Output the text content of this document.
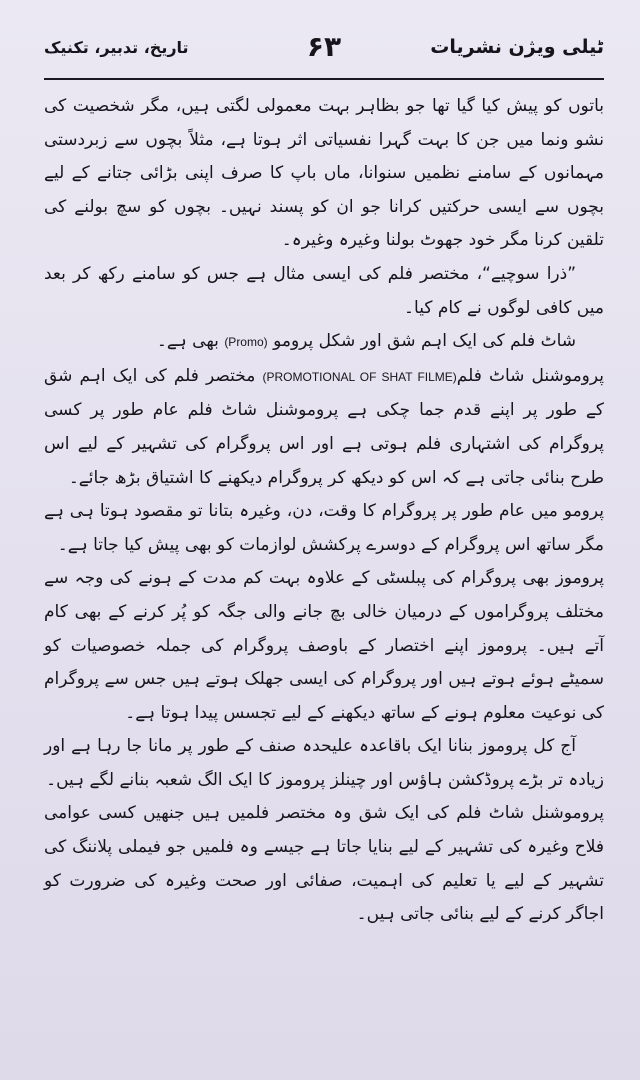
ٹیلی ویژن نشریات
۶۳
تاریخ، تدبیر، تکنیک

باتوں کو پیش کیا گیا تھا جو بظاہر بہت معمولی لگتی ہیں، مگر شخصیت کی نشو ونما میں جن کا بہت گہرا نفسیاتی اثر ہوتا ہے، مثلاً بچوں سے زبردستی مہمانوں کے سامنے نظمیں سنوانا، ماں باپ کا صرف اپنی بڑائی جتانے کے لیے بچوں سے ایسی حرکتیں کرانا جو ان کو پسند نہیں۔ بچوں کو سچ بولنے کی تلقین کرنا مگر خود جھوٹ بولنا وغیرہ وغیرہ۔

”ذرا سوچیے“، مختصر فلم کی ایسی مثال ہے جس کو سامنے رکھ کر بعد میں کافی لوگوں نے کام کیا۔

شاٹ فلم کی ایک اہم شق اور شکل پرومو (Promo) بھی ہے۔

پروموشنل شاٹ فلم(PROMOTIONAL OF SHAT FILME) مختصر فلم کی ایک اہم شق کے طور پر اپنے قدم جما چکی ہے پروموشنل شاٹ فلم عام طور پر کسی پروگرام کی اشتہاری فلم ہوتی ہے اور اس پروگرام کی تشہیر کے لیے اس طرح بنائی جاتی ہے کہ اس کو دیکھ کر پروگرام دیکھنے کا اشتیاق بڑھ جائے۔

پرومو میں عام طور پر پروگرام کا وقت، دن، وغیرہ بتانا تو مقصود ہوتا ہی ہے مگر ساتھ اس پروگرام کے دوسرے پرکشش لوازمات کو بھی پیش کیا جاتا ہے۔

پروموز بھی پروگرام کی پبلسٹی کے علاوہ بہت کم مدت کے ہونے کی وجہ سے مختلف پروگراموں کے درمیان خالی بچ جانے والی جگہ کو پُر کرنے کے بھی کام آتے ہیں۔ پروموز اپنے اختصار کے باوصف پروگرام کی جملہ خصوصیات کو سمیٹے ہوئے ہوتے ہیں اور پروگرام کی ایسی جھلک ہوتے ہیں جس سے پروگرام کی نوعیت معلوم ہونے کے ساتھ دیکھنے کے لیے تجسس پیدا ہوتا ہے۔

آج کل پروموز بنانا ایک باقاعدہ علیحدہ صنف کے طور پر مانا جا رہا ہے اور زیادہ تر بڑے پروڈکشن ہاؤس اور چینلز پروموز کا ایک الگ شعبہ بنانے لگے ہیں۔

پروموشنل شاٹ فلم کی ایک شق وہ مختصر فلمیں ہیں جنھیں کسی عوامی فلاح وغیرہ کی تشہیر کے لیے بنایا جاتا ہے جیسے وہ فلمیں جو فیملی پلاننگ کی تشہیر کے لیے یا تعلیم کی اہمیت، صفائی اور صحت وغیرہ کی ضرورت کو اجاگر کرنے کے لیے بنائی جاتی ہیں۔
